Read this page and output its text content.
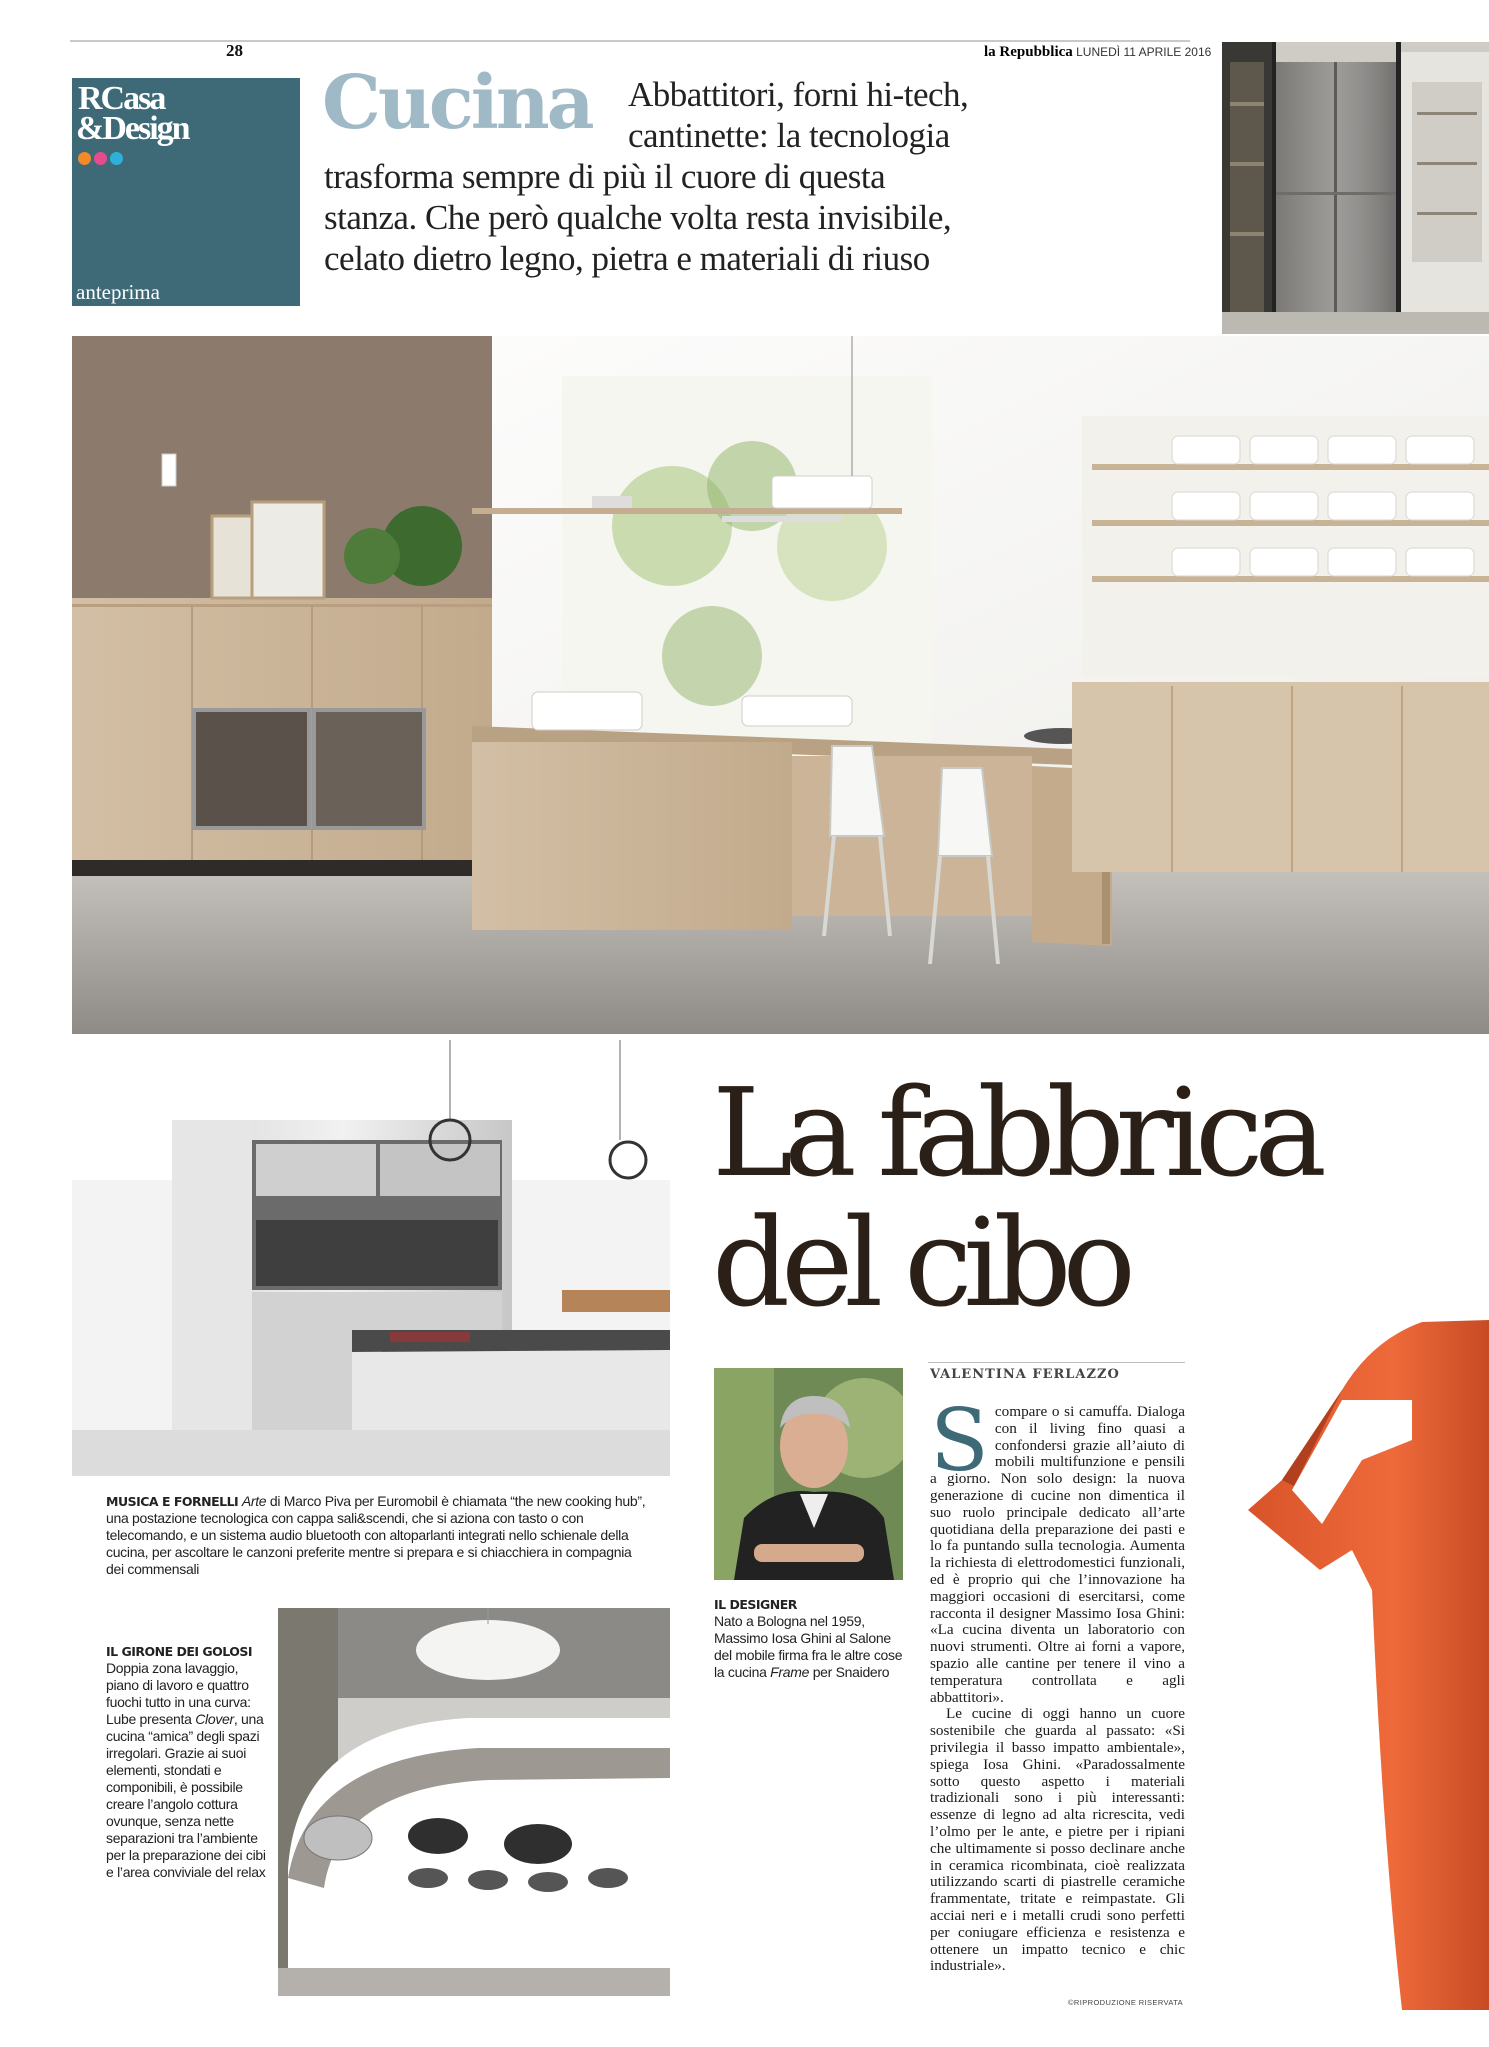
28	la Repubblica LUNEDÌ 11 APRILE 2016
RCasa
&Design
anteprima
Cucina Abbattitori, forni hi-tech,
cantinette: la tecnologia
trasforma sempre di più il cuore di questa
stanza. Che però qualche volta resta invisibile,
celato dietro legno, pietra e materiali di riuso
La fabbrica
del cibo
MUSICA E FORNELLI Arte di Marco Piva per Euromobil è chiamata “the new cooking hub”, una postazione tecnologica con cappa sali&scendi, che si aziona con tasto o con telecomando, e un sistema audio bluetooth con altoparlanti integrati nello schienale della cucina, per ascoltare le canzoni preferite mentre si prepara e si chiacchiera in compagnia dei commensali
IL GIRONE DEI GOLOSI
Doppia zona lavaggio, piano di lavoro e quattro fuochi tutto in una curva: Lube presenta Clover, una cucina “amica” degli spazi irregolari. Grazie ai suoi elementi, stondati e componibili, è possibile creare l’angolo cottura ovunque, senza nette separazioni tra l’ambiente per la preparazione dei cibi e l’area conviviale del relax
IL DESIGNER
Nato a Bologna nel 1959, Massimo Iosa Ghini al Salone del mobile firma fra le altre cose la cucina Frame per Snaidero
VALENTINA FERLAZZO
S compare o si camuffa. Dialoga con il living fino quasi a confondersi grazie all’aiuto di mobili multifunzione e pensili a giorno. Non solo design: la nuova generazione di cucine non dimentica il suo ruolo principale dedicato all’arte quotidiana della preparazione dei pasti e lo fa puntando sulla tecnologia. Aumenta la richiesta di elettrodomestici funzionali, ed è proprio qui che l’innovazione ha maggiori occasioni di esercitarsi, come racconta il designer Massimo Iosa Ghini: «La cucina diventa un laboratorio con nuovi strumenti. Oltre ai forni a vapore, spazio alle cantine per tenere il vino a temperatura controllata e agli abbattitori».

Le cucine di oggi hanno un cuore sostenibile che guarda al passato: «Si privilegia il basso impatto ambientale», spiega Iosa Ghini. «Paradossalmente sotto questo aspetto i materiali tradizionali sono i più interessanti: essenze di legno ad alta ricrescita, vedi l’olmo per le ante, e pietre per i ripiani che ultimamente si posso declinare anche in ceramica ricombinata, cioè realizzata utilizzando scarti di piastrelle ceramiche frammentate, tritate e reimpastate. Gli acciai neri e i metalli crudi sono perfetti per coniugare efficienza e resistenza e ottenere un impatto tecnico e chic industriale».

©RIPRODUZIONE RISERVATA
